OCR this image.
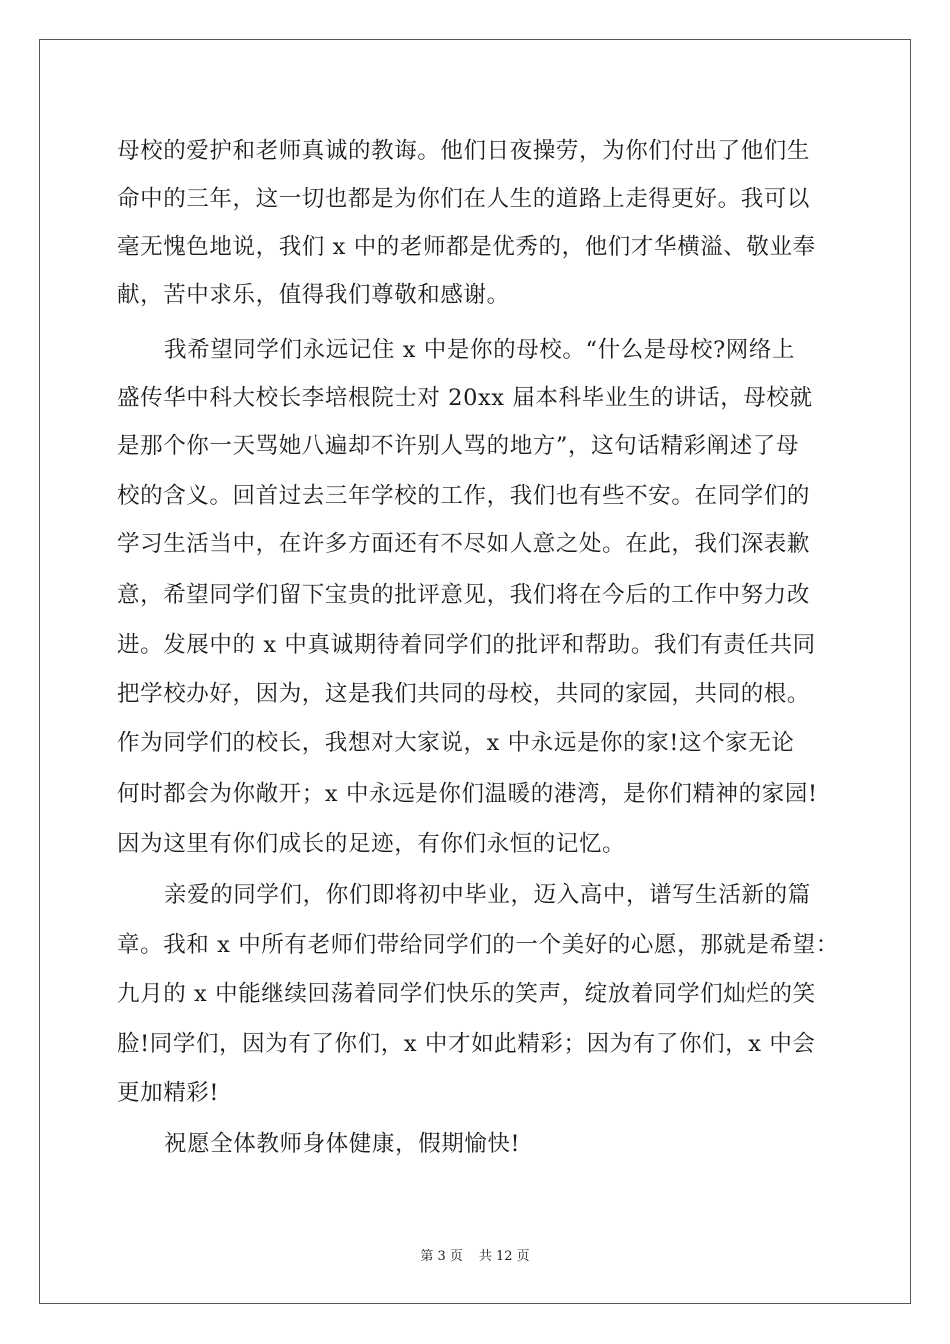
母校的爱护和老师真诚的教诲。他们日夜操劳，为你们付出了他们生
命中的三年，这一切也都是为你们在人生的道路上走得更好。我可以
毫无愧色地说，我们 x 中的老师都是优秀的，他们才华横溢、敬业奉
献，苦中求乐，值得我们尊敬和感谢。
我希望同学们永远记住 x 中是你的母校。“什么是母校?网络上
盛传华中科大校长李培根院士对 20xx 届本科毕业生的讲话，母校就
是那个你一天骂她八遍却不许别人骂的地方”，这句话精彩阐述了母
校的含义。回首过去三年学校的工作，我们也有些不安。在同学们的
学习生活当中，在许多方面还有不尽如人意之处。在此，我们深表歉
意，希望同学们留下宝贵的批评意见，我们将在今后的工作中努力改
进。发展中的 x 中真诚期待着同学们的批评和帮助。我们有责任共同
把学校办好，因为，这是我们共同的母校，共同的家园，共同的根。
作为同学们的校长，我想对大家说，x 中永远是你的家!这个家无论
何时都会为你敞开；x 中永远是你们温暖的港湾，是你们精神的家园!
因为这里有你们成长的足迹，有你们永恒的记忆。
亲爱的同学们，你们即将初中毕业，迈入高中，谱写生活新的篇
章。我和 x 中所有老师们带给同学们的一个美好的心愿，那就是希望：
九月的 x 中能继续回荡着同学们快乐的笑声，绽放着同学们灿烂的笑
脸!同学们，因为有了你们，x 中才如此精彩；因为有了你们，x 中会
更加精彩!
祝愿全体教师身体健康，假期愉快!
第 3 页 共 12 页
